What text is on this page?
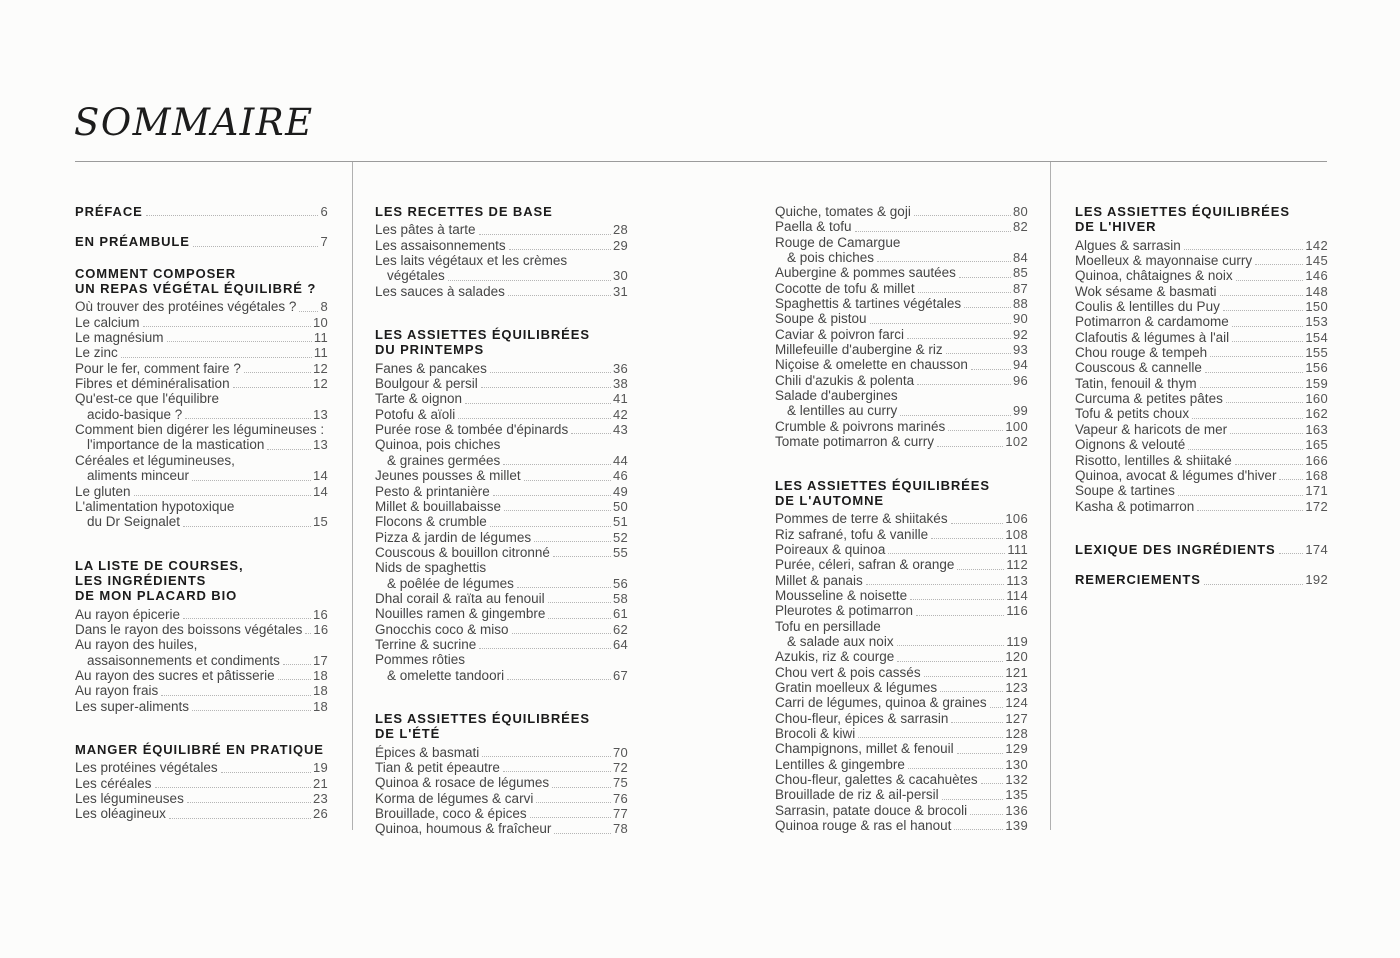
SOMMAIRE
PRÉFACE	6
EN PRÉAMBULE	7
COMMENT COMPOSER
UN REPAS VÉGÉTAL ÉQUILIBRÉ ?
Où trouver des protéines végétales ? 8
Le calcium	10
Le magnésium	11
Le zinc	11
Pour le fer, comment faire ?	12
Fibres et déminéralisation	12
Qu'est-ce que l'équilibre
acido-basique ?	13
Comment bien digérer les légumineuses :
l'importance de la mastication	13
Céréales et légumineuses,
aliments minceur	14
Le gluten	14
L'alimentation hypotoxique
du Dr Seignalet	15
LA LISTE DE COURSES,
LES INGRÉDIENTS
DE MON PLACARD BIO
Au rayon épicerie	16
Dans le rayon des boissons végétales 16
Au rayon des huiles,
assaisonnements et condiments	17
Au rayon des sucres et pâtisserie	18
Au rayon frais	18
Les super-aliments	18
MANGER ÉQUILIBRÉ EN PRATIQUE
Les protéines végétales	19
Les céréales	21
Les légumineuses	23
Les oléagineux	26
LES RECETTES DE BASE
Les pâtes à tarte	28
Les assaisonnements	29
Les laits végétaux et les crèmes
végétales	30
Les sauces à salades	31
LES ASSIETTES ÉQUILIBRÉES
DU PRINTEMPS
Fanes & pancakes	36
Boulgour & persil	38
Tarte & oignon	41
Potofu & aïoli	42
Purée rose & tombée d'épinards	43
Quinoa, pois chiches
& graines germées	44
Jeunes pousses & millet	46
Pesto & printanière	49
Millet & bouillabaisse	50
Flocons & crumble	51
Pizza & jardin de légumes	52
Couscous & bouillon citronné	55
Nids de spaghettis
& poêlée de légumes	56
Dhal corail & raïta au fenouil	58
Nouilles ramen & gingembre	61
Gnocchis coco & miso	62
Terrine & sucrine	64
Pommes rôties
& omelette tandoori	67
LES ASSIETTES ÉQUILIBRÉES
DE L'ÉTÉ
Épices & basmati	70
Tian & petit épeautre	72
Quinoa & rosace de légumes	75
Korma de légumes & carvi	76
Brouillade, coco & épices	77
Quinoa, houmous & fraîcheur	78
Quiche, tomates & goji	80
Paella & tofu	82
Rouge de Camargue
& pois chiches	84
Aubergine & pommes sautées	85
Cocotte de tofu & millet	87
Spaghettis & tartines végétales	88
Soupe & pistou	90
Caviar & poivron farci	92
Millefeuille d'aubergine & riz	93
Niçoise & omelette en chausson	94
Chili d'azukis & polenta	96
Salade d'aubergines
& lentilles au curry	99
Crumble & poivrons marinés	100
Tomate potimarron & curry	102
LES ASSIETTES ÉQUILIBRÉES
DE L'AUTOMNE
Pommes de terre & shiitakés	106
Riz safrané, tofu & vanille	108
Poireaux & quinoa	111
Purée, céleri, safran & orange	112
Millet & panais	113
Mousseline & noisette	114
Pleurotes & potimarron	116
Tofu en persillade
& salade aux noix	119
Azukis, riz & courge	120
Chou vert & pois cassés	121
Gratin moelleux & légumes	123
Carri de légumes, quinoa & graines 124
Chou-fleur, épices & sarrasin	127
Brocoli & kiwi	128
Champignons, millet & fenouil	129
Lentilles & gingembre	130
Chou-fleur, galettes & cacahuètes 132
Brouillade de riz & ail-persil	135
Sarrasin, patate douce & brocoli	136
Quinoa rouge & ras el hanout	139
LES ASSIETTES ÉQUILIBRÉES
DE L'HIVER
Algues & sarrasin	142
Moelleux & mayonnaise curry	145
Quinoa, châtaignes & noix	146
Wok sésame & basmati	148
Coulis & lentilles du Puy	150
Potimarron & cardamome	153
Clafoutis & légumes à l'ail	154
Chou rouge & tempeh	155
Couscous & cannelle	156
Tatin, fenouil & thym	159
Curcuma & petites pâtes	160
Tofu & petits choux	162
Vapeur & haricots de mer	163
Oignons & velouté	165
Risotto, lentilles & shiitaké	166
Quinoa, avocat & légumes d'hiver 168
Soupe & tartines	171
Kasha & potimarron	172
LEXIQUE DES INGRÉDIENTS 174
REMERCIEMENTS	192
